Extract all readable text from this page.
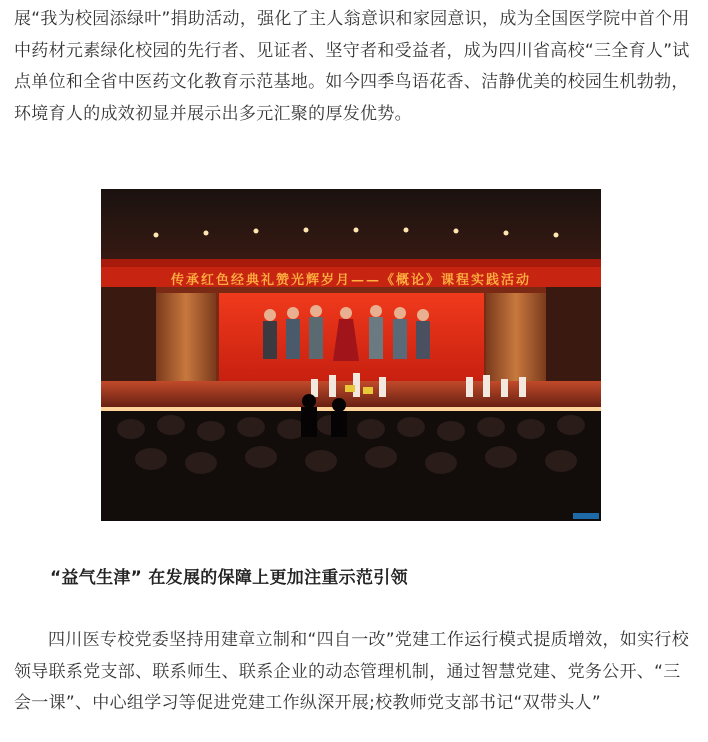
展“我为校园添绿叶”捐助活动，强化了主人翁意识和家园意识，成为全国医学院中首个用中药材元素绿化校园的先行者、见证者、坚守者和受益者，成为四川省高校“三全育人”试点单位和全省中医药文化教育示范基地。如今四季鸟语花香、洁静优美的校园生机勃勃，环境育人的成效初显并展示出多元汇聚的厚发优势。

传承红色经典礼赞光辉岁月——《概论》课程实践活动

“益气生津” 在发展的保障上更加注重示范引领

四川医专校党委坚持用建章立制和“四自一改”党建工作运行模式提质增效，如实行校领导联系党支部、联系师生、联系企业的动态管理机制，通过智慧党建、党务公开、“三会一课”、中心组学习等促进党建工作纵深开展;校教师党支部书记“双带头人”
